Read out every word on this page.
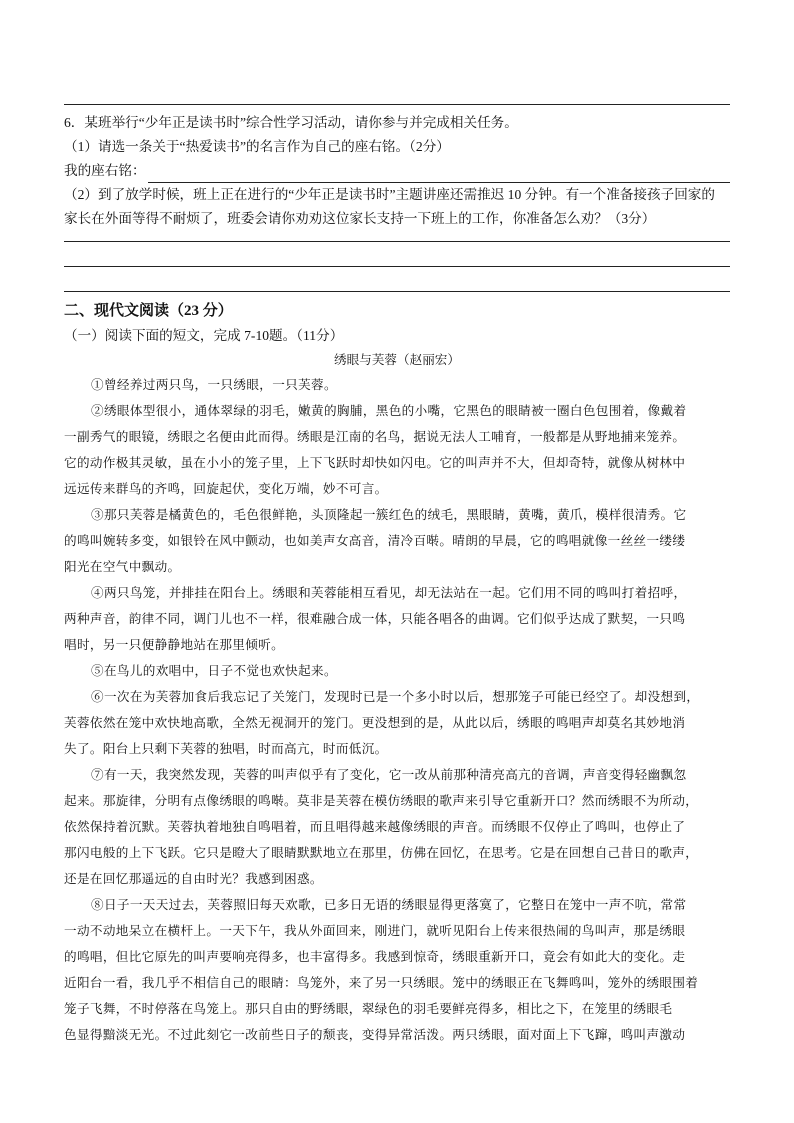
6．某班举行“少年正是读书时”综合性学习活动，请你参与并完成相关任务。
（1）请选一条关于“热爱读书”的名言作为自己的座右铭。（2分）
我的座右铭：
（2）到了放学时候，班上正在进行的“少年正是读书时”主题讲座还需推迟 10 分钟。有一个准备接孩子回家的
家长在外面等得不耐烦了，班委会请你劝劝这位家长支持一下班上的工作，你准备怎么劝？（3分）
二、现代文阅读（23 分）
（一）阅读下面的短文，完成 7-10题。（11分）
绣眼与芙蓉（赵丽宏）
①曾经养过两只鸟，一只绣眼，一只芙蓉。
②绣眼体型很小，通体翠绿的羽毛，嫩黄的胸脯，黑色的小嘴，它黑色的眼睛被一圈白色包围着，像戴着
一副秀气的眼镜，绣眼之名便由此而得。绣眼是江南的名鸟，据说无法人工哺育，一般都是从野地捕来笼养。
它的动作极其灵敏，虽在小小的笼子里，上下飞跃时却快如闪电。它的叫声并不大，但却奇特，就像从树林中
远远传来群鸟的齐鸣，回旋起伏，变化万端，妙不可言。
③那只芙蓉是橘黄色的，毛色很鲜艳，头顶隆起一簇红色的绒毛，黑眼睛，黄嘴，黄爪，模样很清秀。它
的鸣叫婉转多变，如银铃在风中颤动，也如美声女高音，清冷百啭。晴朗的早晨，它的鸣唱就像一丝丝一缕缕
阳光在空气中飘动。
④两只鸟笼，并排挂在阳台上。绣眼和芙蓉能相互看见，却无法站在一起。它们用不同的鸣叫打着招呼，
两种声音，韵律不同，调门儿也不一样，很难融合成一体，只能各唱各的曲调。它们似乎达成了默契，一只鸣
唱时，另一只便静静地站在那里倾听。
⑤在鸟儿的欢唱中，日子不觉也欢快起来。
⑥一次在为芙蓉加食后我忘记了关笼门，发现时已是一个多小时以后，想那笼子可能已经空了。却没想到，
芙蓉依然在笼中欢快地高歌，全然无视洞开的笼门。更没想到的是，从此以后，绣眼的鸣唱声却莫名其妙地消
失了。阳台上只剩下芙蓉的独唱，时而高亢，时而低沉。
⑦有一天，我突然发现，芙蓉的叫声似乎有了变化，它一改从前那种清亮高亢的音调，声音变得轻幽飘忽
起来。那旋律，分明有点像绣眼的鸣啭。莫非是芙蓉在模仿绣眼的歌声来引导它重新开口？然而绣眼不为所动，
依然保持着沉默。芙蓉执着地独自鸣唱着，而且唱得越来越像绣眼的声音。而绣眼不仅停止了鸣叫，也停止了
那闪电般的上下飞跃。它只是瞪大了眼睛默默地立在那里，仿佛在回忆，在思考。它是在回想自己昔日的歌声，
还是在回忆那遥远的自由时光？我感到困惑。
⑧日子一天天过去，芙蓉照旧每天欢歌，已多日无语的绣眼显得更落寞了，它整日在笼中一声不吭，常常
一动不动地呆立在横杆上。一天下午，我从外面回来，刚进门，就听见阳台上传来很热闹的鸟叫声，那是绣眼
的鸣唱，但比它原先的叫声要响亮得多，也丰富得多。我感到惊奇，绣眼重新开口，竟会有如此大的变化。走
近阳台一看，我几乎不相信自己的眼睛：鸟笼外，来了另一只绣眼。笼中的绣眼正在飞舞鸣叫，笼外的绣眼围着
笼子飞舞，不时停落在鸟笼上。那只自由的野绣眼，翠绿色的羽毛要鲜亮得多，相比之下，在笼里的绣眼毛
色显得黯淡无光。不过此刻它一改前些日子的颓丧，变得异常活泼。两只绣眼，面对面上下飞蹿，鸣叫声激动
